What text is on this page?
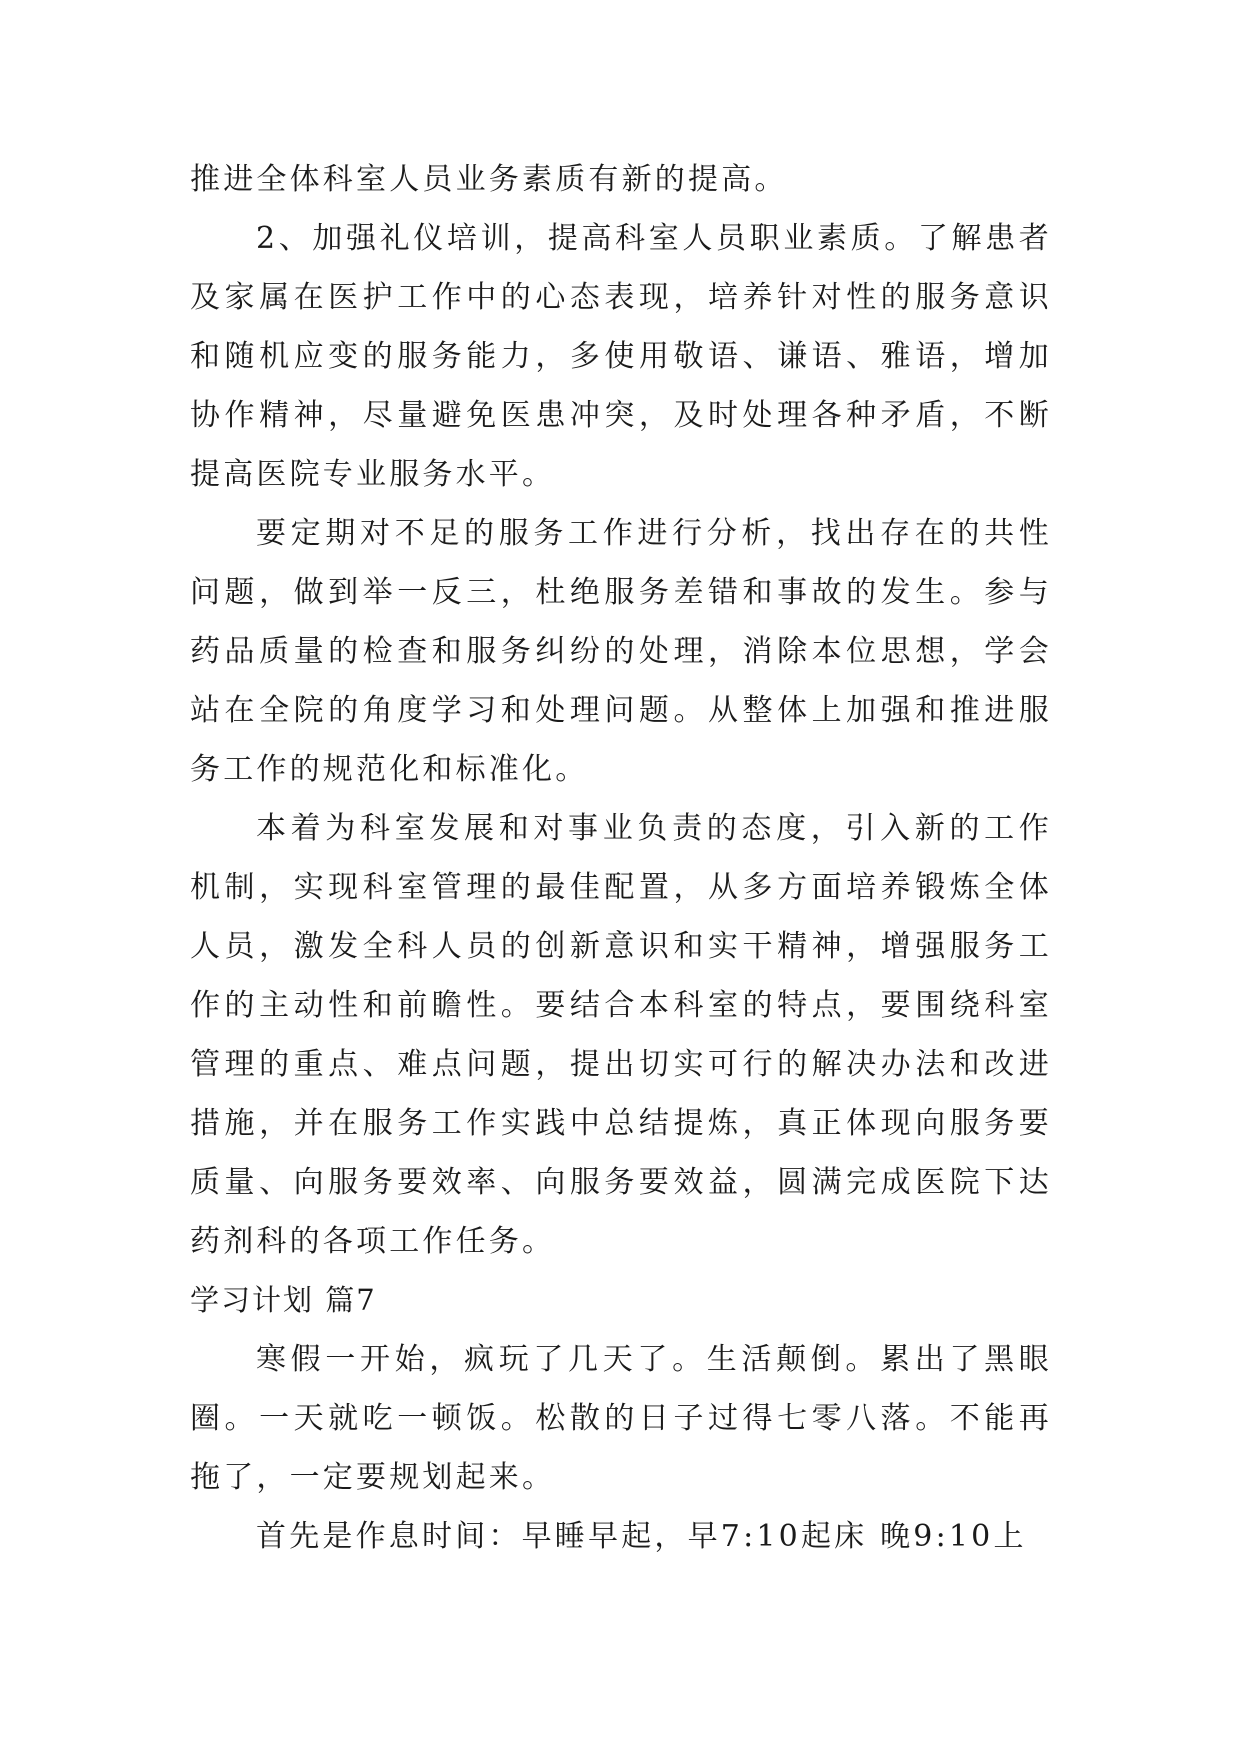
推进全体科室人员业务素质有新的提高。

2、加强礼仪培训，提高科室人员职业素质。了解患者及家属在医护工作中的心态表现，培养针对性的服务意识和随机应变的服务能力，多使用敬语、谦语、雅语，增加协作精神，尽量避免医患冲突，及时处理各种矛盾，不断提高医院专业服务水平。

要定期对不足的服务工作进行分析，找出存在的共性问题，做到举一反三，杜绝服务差错和事故的发生。参与药品质量的检查和服务纠纷的处理，消除本位思想，学会站在全院的角度学习和处理问题。从整体上加强和推进服务工作的规范化和标准化。

本着为科室发展和对事业负责的态度，引入新的工作机制，实现科室管理的最佳配置，从多方面培养锻炼全体人员，激发全科人员的创新意识和实干精神，增强服务工作的主动性和前瞻性。要结合本科室的特点，要围绕科室管理的重点、难点问题，提出切实可行的解决办法和改进措施，并在服务工作实践中总结提炼，真正体现向服务要质量、向服务要效率、向服务要效益，圆满完成医院下达药剂科的各项工作任务。

学习计划 篇7

寒假一开始，疯玩了几天了。生活颠倒。累出了黑眼圈。一天就吃一顿饭。松散的日子过得七零八落。不能再拖了，一定要规划起来。

首先是作息时间：早睡早起，早7:10起床 晚9:10上
